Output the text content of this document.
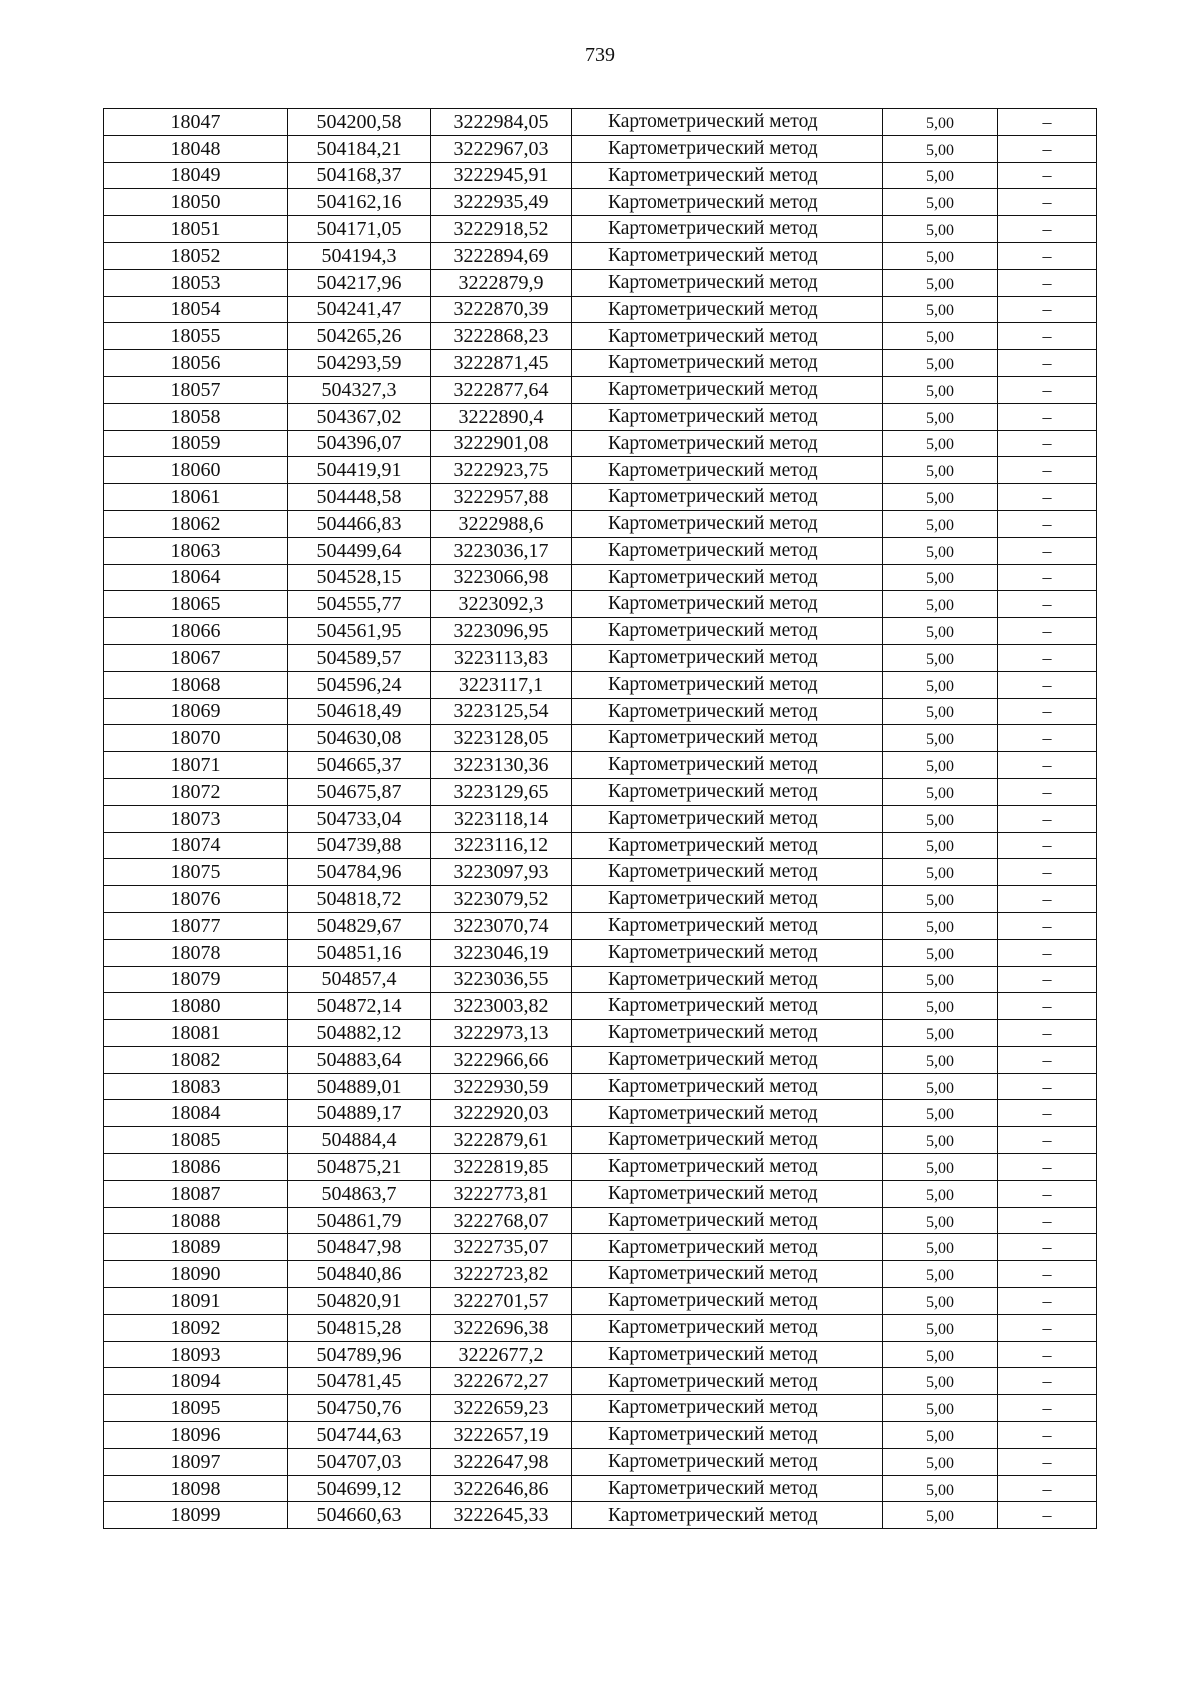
739
18047	504200,58	3222984,05	Картометрический метод	5,00	–
18048	504184,21	3222967,03	Картометрический метод	5,00	–
18049	504168,37	3222945,91	Картометрический метод	5,00	–
18050	504162,16	3222935,49	Картометрический метод	5,00	–
18051	504171,05	3222918,52	Картометрический метод	5,00	–
18052	504194,3	3222894,69	Картометрический метод	5,00	–
18053	504217,96	3222879,9	Картометрический метод	5,00	–
18054	504241,47	3222870,39	Картометрический метод	5,00	–
18055	504265,26	3222868,23	Картометрический метод	5,00	–
18056	504293,59	3222871,45	Картометрический метод	5,00	–
18057	504327,3	3222877,64	Картометрический метод	5,00	–
18058	504367,02	3222890,4	Картометрический метод	5,00	–
18059	504396,07	3222901,08	Картометрический метод	5,00	–
18060	504419,91	3222923,75	Картометрический метод	5,00	–
18061	504448,58	3222957,88	Картометрический метод	5,00	–
18062	504466,83	3222988,6	Картометрический метод	5,00	–
18063	504499,64	3223036,17	Картометрический метод	5,00	–
18064	504528,15	3223066,98	Картометрический метод	5,00	–
18065	504555,77	3223092,3	Картометрический метод	5,00	–
18066	504561,95	3223096,95	Картометрический метод	5,00	–
18067	504589,57	3223113,83	Картометрический метод	5,00	–
18068	504596,24	3223117,1	Картометрический метод	5,00	–
18069	504618,49	3223125,54	Картометрический метод	5,00	–
18070	504630,08	3223128,05	Картометрический метод	5,00	–
18071	504665,37	3223130,36	Картометрический метод	5,00	–
18072	504675,87	3223129,65	Картометрический метод	5,00	–
18073	504733,04	3223118,14	Картометрический метод	5,00	–
18074	504739,88	3223116,12	Картометрический метод	5,00	–
18075	504784,96	3223097,93	Картометрический метод	5,00	–
18076	504818,72	3223079,52	Картометрический метод	5,00	–
18077	504829,67	3223070,74	Картометрический метод	5,00	–
18078	504851,16	3223046,19	Картометрический метод	5,00	–
18079	504857,4	3223036,55	Картометрический метод	5,00	–
18080	504872,14	3223003,82	Картометрический метод	5,00	–
18081	504882,12	3222973,13	Картометрический метод	5,00	–
18082	504883,64	3222966,66	Картометрический метод	5,00	–
18083	504889,01	3222930,59	Картометрический метод	5,00	–
18084	504889,17	3222920,03	Картометрический метод	5,00	–
18085	504884,4	3222879,61	Картометрический метод	5,00	–
18086	504875,21	3222819,85	Картометрический метод	5,00	–
18087	504863,7	3222773,81	Картометрический метод	5,00	–
18088	504861,79	3222768,07	Картометрический метод	5,00	–
18089	504847,98	3222735,07	Картометрический метод	5,00	–
18090	504840,86	3222723,82	Картометрический метод	5,00	–
18091	504820,91	3222701,57	Картометрический метод	5,00	–
18092	504815,28	3222696,38	Картометрический метод	5,00	–
18093	504789,96	3222677,2	Картометрический метод	5,00	–
18094	504781,45	3222672,27	Картометрический метод	5,00	–
18095	504750,76	3222659,23	Картометрический метод	5,00	–
18096	504744,63	3222657,19	Картометрический метод	5,00	–
18097	504707,03	3222647,98	Картометрический метод	5,00	–
18098	504699,12	3222646,86	Картометрический метод	5,00	–
18099	504660,63	3222645,33	Картометрический метод	5,00	–
